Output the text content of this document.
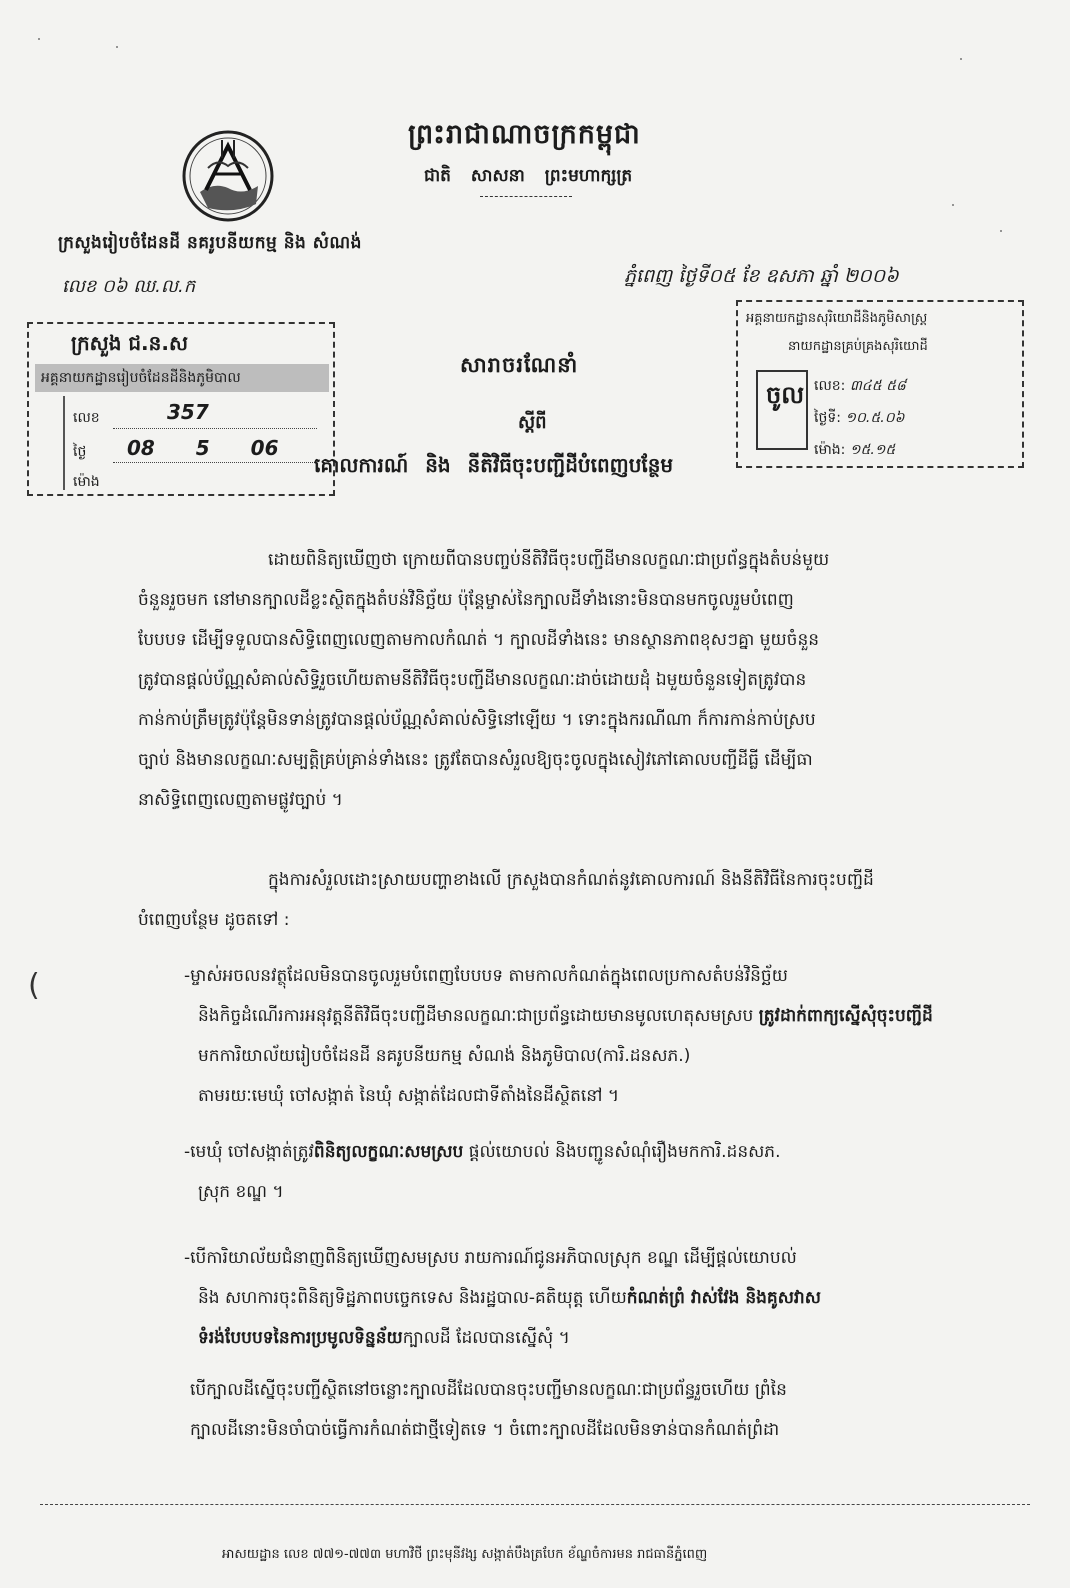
ក្រសួងរៀបចំដែនដី នគរូបនីយកម្ម និង សំណង់
លេខ ០៦ ឈ.ល.ក
ព្រះរាជាណាចក្រកម្ពុជា
ជាតិ សាសនា ព្រះមហាក្សត្រ
ភ្នំពេញ ថ្ងៃទី០៥ ខែ ឧសភា ឆ្នាំ ២០០៦
ក្រសួង ជ.ន.ស
អគ្គនាយកដ្ឋានរៀបចំដែនដីនិងភូមិបាល
លេខ	357
ថ្ងៃ 08 5 06
ម៉ោង
អគ្គនាយកដ្ឋានសុរិយោដីនិងភូមិសាស្ត្រ
នាយកដ្ឋានគ្រប់គ្រងសុរិយោដី
ចូល លេខ: ៣៤៥ ៥៨
ថ្ងៃទី: ១០.៥.០៦
ម៉ោង: ១៥.១៥
សារាចរណែនាំ
ស្ដីពី
គោលការណ៍ និង នីតិវិធីចុះបញ្ជីដីបំពេញបន្ថែម

ដោយពិនិត្យឃើញថា ក្រោយពីបានបញ្ចប់នីតិវិធីចុះបញ្ជីដីមានលក្ខណៈជាប្រព័ន្ធក្នុងតំបន់មួយ

ចំនួនរួចមក នៅមានក្បាលដីខ្លះស្ថិតក្នុងតំបន់វិនិច្ឆ័យ ប៉ុន្តែម្ចាស់នៃក្បាលដីទាំងនោះមិនបានមកចូលរួមបំពេញ

បែបបទ ដើម្បីទទួលបានសិទ្ធិពេញលេញតាមកាលកំណត់ ។ ក្បាលដីទាំងនេះ មានស្ថានភាពខុសៗគ្នា មួយចំនួន

ត្រូវបានផ្តល់ប័ណ្ណសំគាល់សិទ្ធិរួចហើយតាមនីតិវិធីចុះបញ្ជីដីមានលក្ខណៈដាច់ដោយដុំ ឯមួយចំនួនទៀតត្រូវបាន

កាន់កាប់ត្រឹមត្រូវប៉ុន្តែមិនទាន់ត្រូវបានផ្តល់ប័ណ្ណសំគាល់សិទ្ធិនៅឡើយ ។ ទោះក្នុងករណីណា ក៏ការកាន់កាប់ស្រប

ច្បាប់ និងមានលក្ខណៈសម្បត្តិគ្រប់គ្រាន់ទាំងនេះ ត្រូវតែបានសំរួលឱ្យចុះចូលក្នុងសៀវភៅគោលបញ្ជីដីធ្លី ដើម្បីធា

នាសិទ្ធិពេញលេញតាមផ្លូវច្បាប់ ។

ក្នុងការសំរួលដោះស្រាយបញ្ហាខាងលើ ក្រសួងបានកំណត់នូវគោលការណ៍ និងនីតិវិធីនៃការចុះបញ្ជីដី

បំពេញបន្ថែម ដូចតទៅ :

-ម្ចាស់អចលនវត្ថុដែលមិនបានចូលរួមបំពេញបែបបទ តាមកាលកំណត់ក្នុងពេលប្រកាសតំបន់វិនិច្ឆ័យ

និងកិច្ចដំណើរការអនុវត្តនីតិវិធីចុះបញ្ជីដីមានលក្ខណៈជាប្រព័ន្ធដោយមានមូលហេតុសមស្រប ត្រូវដាក់ពាក្យស្នើសុំចុះបញ្ជីដី

មកការិយាល័យរៀបចំដែនដី នគរូបនីយកម្ម សំណង់ និងភូមិបាល(ការិ.ដនសភ.)

តាមរយៈមេឃុំ ចៅសង្កាត់ នៃឃុំ សង្កាត់ដែលជាទីតាំងនៃដីស្ថិតនៅ ។

-មេឃុំ ចៅសង្កាត់ត្រូវពិនិត្យលក្ខណៈសមស្រប ផ្តល់យោបល់ និងបញ្ជូនសំណុំរឿងមកការិ.ដនសភ.

ស្រុក ខណ្ឌ ។

-បើការិយាល័យជំនាញពិនិត្យឃើញសមស្រប រាយការណ៍ជូនអភិបាលស្រុក ខណ្ឌ ដើម្បីផ្តល់យោបល់

និង សហការចុះពិនិត្យទិដ្ឋភាពបច្ចេកទេស និងរដ្ឋបាល-គតិយុត្ត ហើយកំណត់ព្រំ វាស់វែង និងគូសវាស

ទំរង់បែបបទនៃការប្រមូលទិន្នន័យក្បាលដី ដែលបានស្នើសុំ ។

បើក្បាលដីស្នើចុះបញ្ជីស្ថិតនៅចន្លោះក្បាលដីដែលបានចុះបញ្ជីមានលក្ខណៈជាប្រព័ន្ធរួចហើយ ព្រំនៃ

ក្បាលដីនោះមិនចាំបាច់ធ្វើការកំណត់ជាថ្មីទៀតទេ ។ ចំពោះក្បាលដីដែលមិនទាន់បានកំណត់ព្រំដា

(
អាសយដ្ឋាន លេខ ៧៧១-៧៧៣ មហាវិថី ព្រះមុនីវង្ស សង្កាត់បឹងត្របែក ខ័ណ្ឌចំការមន រាជធានីភ្នំពេញ
